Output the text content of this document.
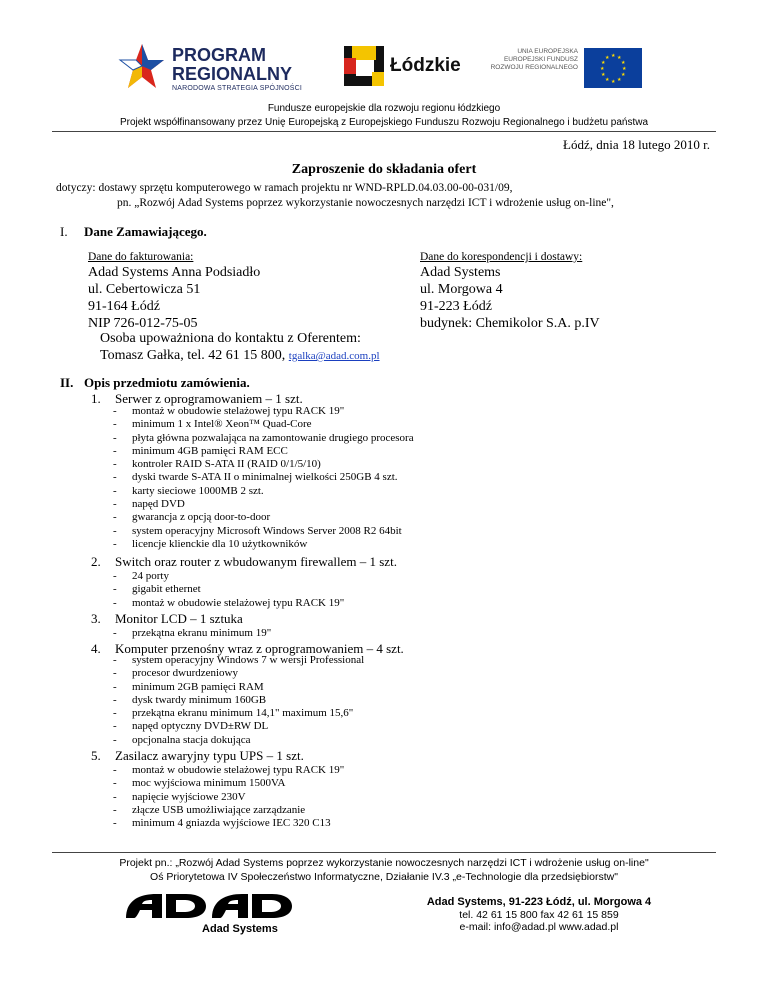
PROGRAM
REGIONALNY
NARODOWA STRATEGIA SPÓJNOŚCI
Łódzkie
UNIA EUROPEJSKA
EUROPEJSKI FUNDUSZ
ROZWOJU REGIONALNEGO
★ ★
★
★
★
★
★
★
★
★
★
★
Fundusze europejskie dla rozwoju regionu łódzkiego
Projekt współfinansowany przez Unię Europejską z Europejskiego Funduszu Rozwoju Regionalnego i budżetu państwa
Łódź, dnia 18 lutego 2010 r.
Zaproszenie do składania ofert
dotyczy: dostawy sprzętu komputerowego w ramach projektu nr WND-RPLD.04.03.00-00-031/09,
pn. „Rozwój Adad Systems poprzez wykorzystanie nowoczesnych narzędzi ICT i wdrożenie usług on-line",
I. Dane Zamawiającego.
Dane do fakturowania:
Adad Systems Anna Podsiadło
ul. Cebertowicza 51
91-164 Łódź
NIP 726-012-75-05
Dane do korespondencji i dostawy:
Adad Systems
ul. Morgowa 4
91-223 Łódź
budynek: Chemikolor S.A. p.IV
Osoba upoważniona do kontaktu z Oferentem:
Tomasz Gałka, tel. 42 61 15 800, tgalka@adad.com.pl
II. Opis przedmiotu zamówienia.
1. Serwer z oprogramowaniem – 1 szt.
- montaż w obudowie stelażowej typu RACK 19"
- minimum 1 x Intel® Xeon™ Quad-Core
- płyta główna pozwalająca na zamontowanie drugiego procesora
- minimum 4GB pamięci RAM ECC
- kontroler RAID S-ATA II (RAID 0/1/5/10)
- dyski twarde S-ATA II o minimalnej wielkości 250GB 4 szt.
- karty sieciowe 1000MB 2 szt.
- napęd DVD
- gwarancja z opcją door-to-door
- system operacyjny Microsoft Windows Server 2008 R2 64bit
- licencje klienckie dla 10 użytkowników
2. Switch oraz router z wbudowanym firewallem – 1 szt.
- 24 porty
- gigabit ethernet
- montaż w obudowie stelażowej typu RACK 19"
3. Monitor LCD – 1 sztuka
- przekątna ekranu minimum 19"
4. Komputer przenośny wraz z oprogramowaniem – 4 szt.
- system operacyjny Windows 7 w wersji Professional
- procesor dwurdzeniowy
- minimum 2GB pamięci RAM
- dysk twardy minimum 160GB
- przekątna ekranu minimum 14,1" maximum 15,6"
- napęd optyczny DVD±RW DL
- opcjonalna stacja dokująca
5. Zasilacz awaryjny typu UPS – 1 szt.
- montaż w obudowie stelażowej typu RACK 19"
- moc wyjściowa minimum 1500VA
- napięcie wyjściowe 230V
- złącze USB umożliwiające zarządzanie
- minimum 4 gniazda wyjściowe IEC 320 C13
Projekt pn.: „Rozwój Adad Systems poprzez wykorzystanie nowoczesnych narzędzi ICT i wdrożenie usług on-line"
Oś Priorytetowa IV Społeczeństwo Informatyczne, Działanie IV.3 „e-Technologie dla przedsiębiorstw"
Adad Systems
Adad Systems, 91-223 Łódź, ul. Morgowa 4
tel. 42 61 15 800 fax 42 61 15 859
e-mail: info@adad.pl www.adad.pl
